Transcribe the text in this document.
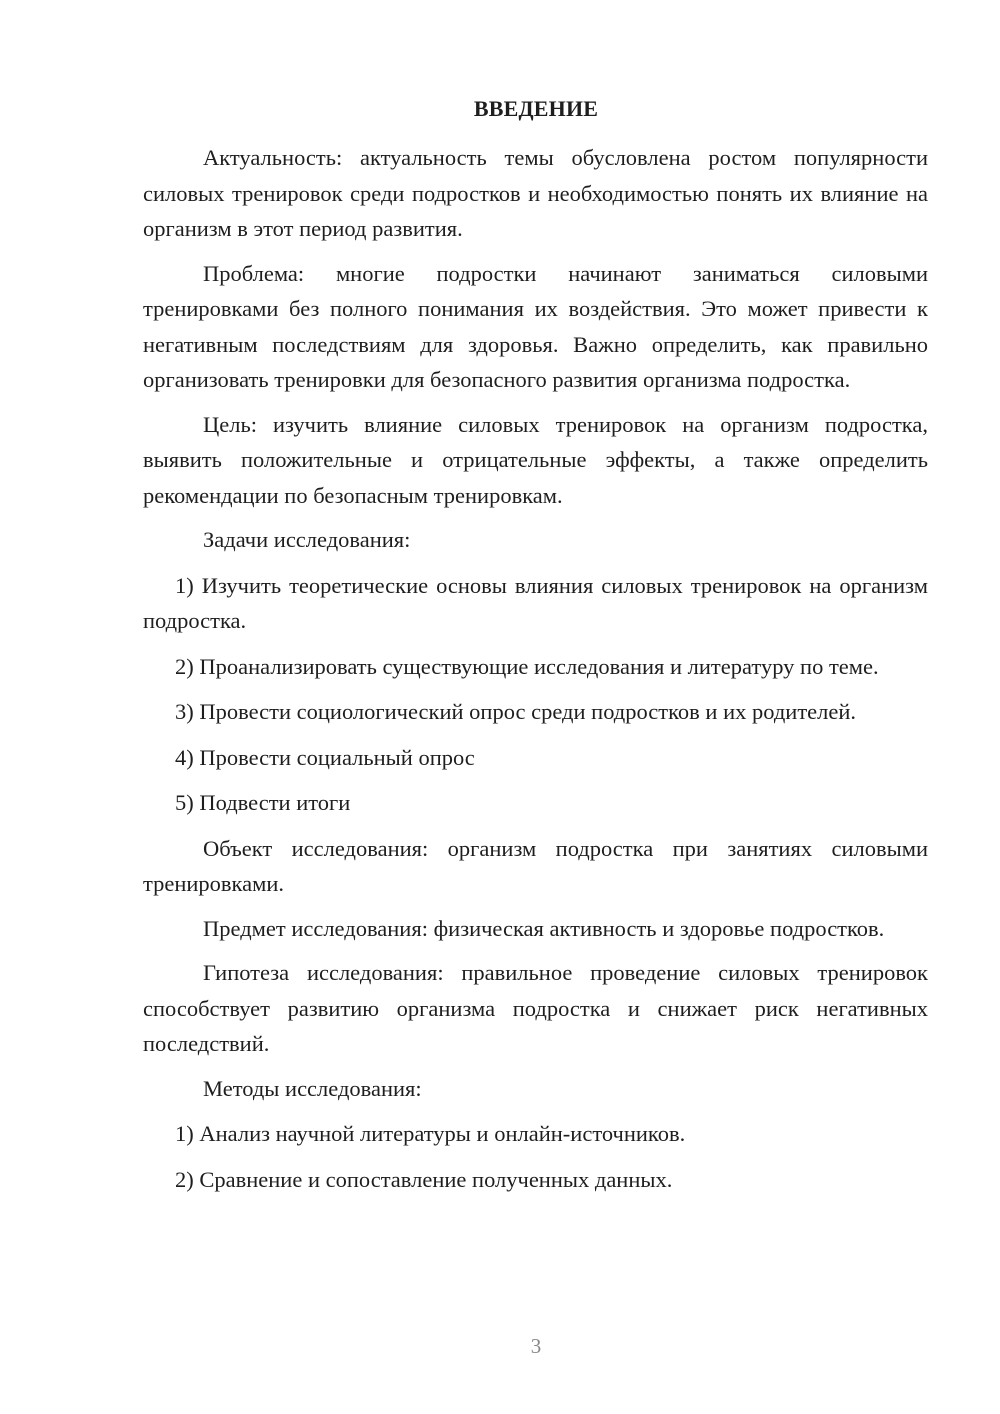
ВВЕДЕНИЕ

Актуальность: актуальность темы обусловлена ростом популярности силовых тренировок среди подростков и необходимостью понять их влияние на организм в этот период развития.

Проблема: многие подростки начинают заниматься силовыми тренировками без полного понимания их воздействия. Это может привести к негативным последствиям для здоровья. Важно определить, как правильно организовать тренировки для безопасного развития организма подростка.

Цель: изучить влияние силовых тренировок на организм подростка, выявить положительные и отрицательные эффекты, а также определить рекомендации по безопасным тренировкам.

Задачи исследования:

1) Изучить теоретические основы влияния силовых тренировок на организм подростка.

2) Проанализировать существующие исследования и литературу по теме.

3) Провести социологический опрос среди подростков и их родителей.

4) Провести социальный опрос

5) Подвести итоги

Объект исследования: организм подростка при занятиях силовыми тренировками.

Предмет исследования: физическая активность и здоровье подростков.

Гипотеза исследования: правильное проведение силовых тренировок способствует развитию организма подростка и снижает риск негативных последствий.

Методы исследования:

1) Анализ научной литературы и онлайн-источников.

2) Сравнение и сопоставление полученных данных.

3
